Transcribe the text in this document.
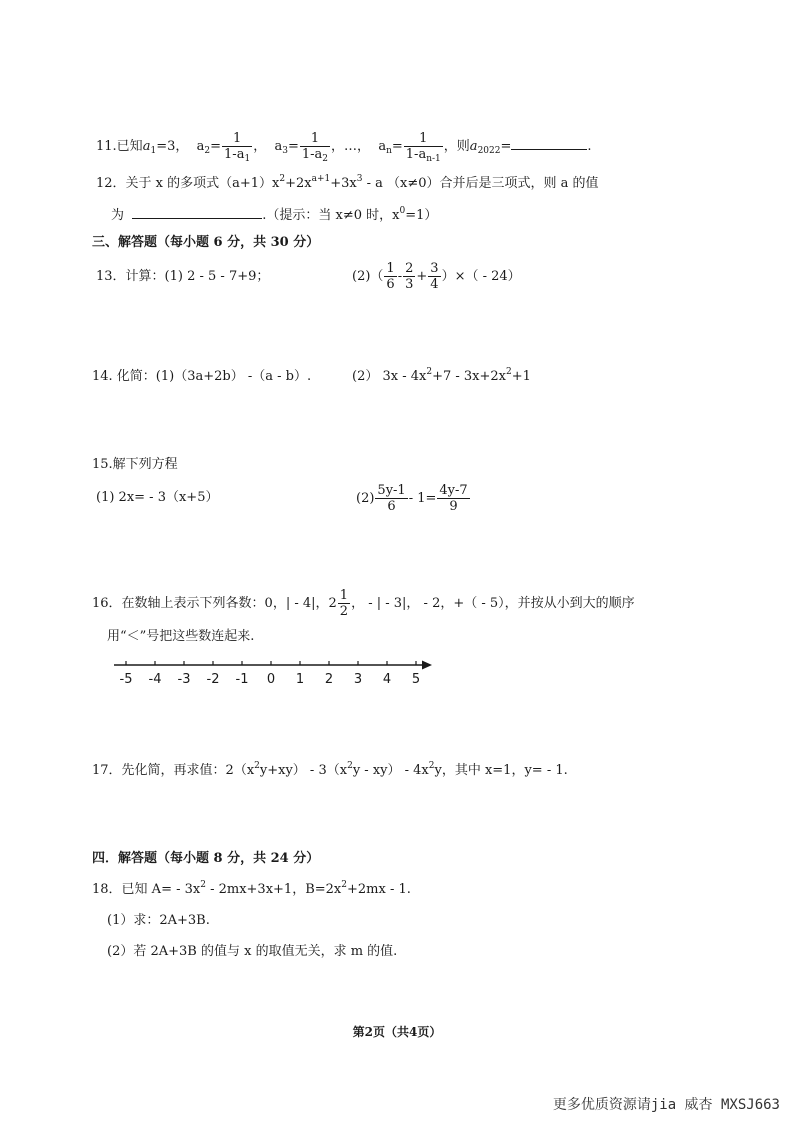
11.已知$a_1=3$， $a_2= \frac{1}{1-a_1}$ ， $a_3= \frac{1}{1-a_2}$ ，…， $a_n= \frac{1}{1-a_{n-1}}$ ，则$a_{2022}=$	.
12．关于 x 的多项式$(a+1)x^2+2x^{a+1}+3x^3 - a$ （x≠0）合并后是三项式，则 a 的值
为	.（提示：当 x≠0 时，$x^0=1$）
三、解答题（每小题 6 分，共 30 分）
13．计算：(1) 2 - 5 - 7+9；	$(2)( \frac{1}{6} - \frac{2}{3} + \frac{3}{4}$ ）×（ - 24）
14. 化简：(1)（3a+2b） -（a - b）.	(2） $3x - 4x^2+7 - 3x+2x^2+1$
15.解下列方程
(1) 2x= - 3（x+5）	$(2) \frac{5y-1}{6} - 1= \frac{4y-7}{9}$
16．在数轴上表示下列各数：0，| - 4|，$2 \frac{1}{2}$ ， - | - 3|， - 2，+（ - 5），并按从小到大的顺序
用“＜”号把这些数连起来.
-5 -4 -3 -2 -1 0 1 2 3 4 5
17．先化简，再求值：$2(x^2y+xy) - 3(x^2y - xy) - 4x^2y$，其中 x=1，y= - 1.
四．解答题（每小题 8 分，共 24 分）
18．已知 $A= - 3x^2 - 2mx+3x+1$，$B=2x^2+2mx - 1$.
(1）求：2A+3B.
(2）若 2A+3B 的值与 x 的取值无关，求 m 的值.
第2页（共4页）
更多优质资源请jia 威杏 MXSJ663
